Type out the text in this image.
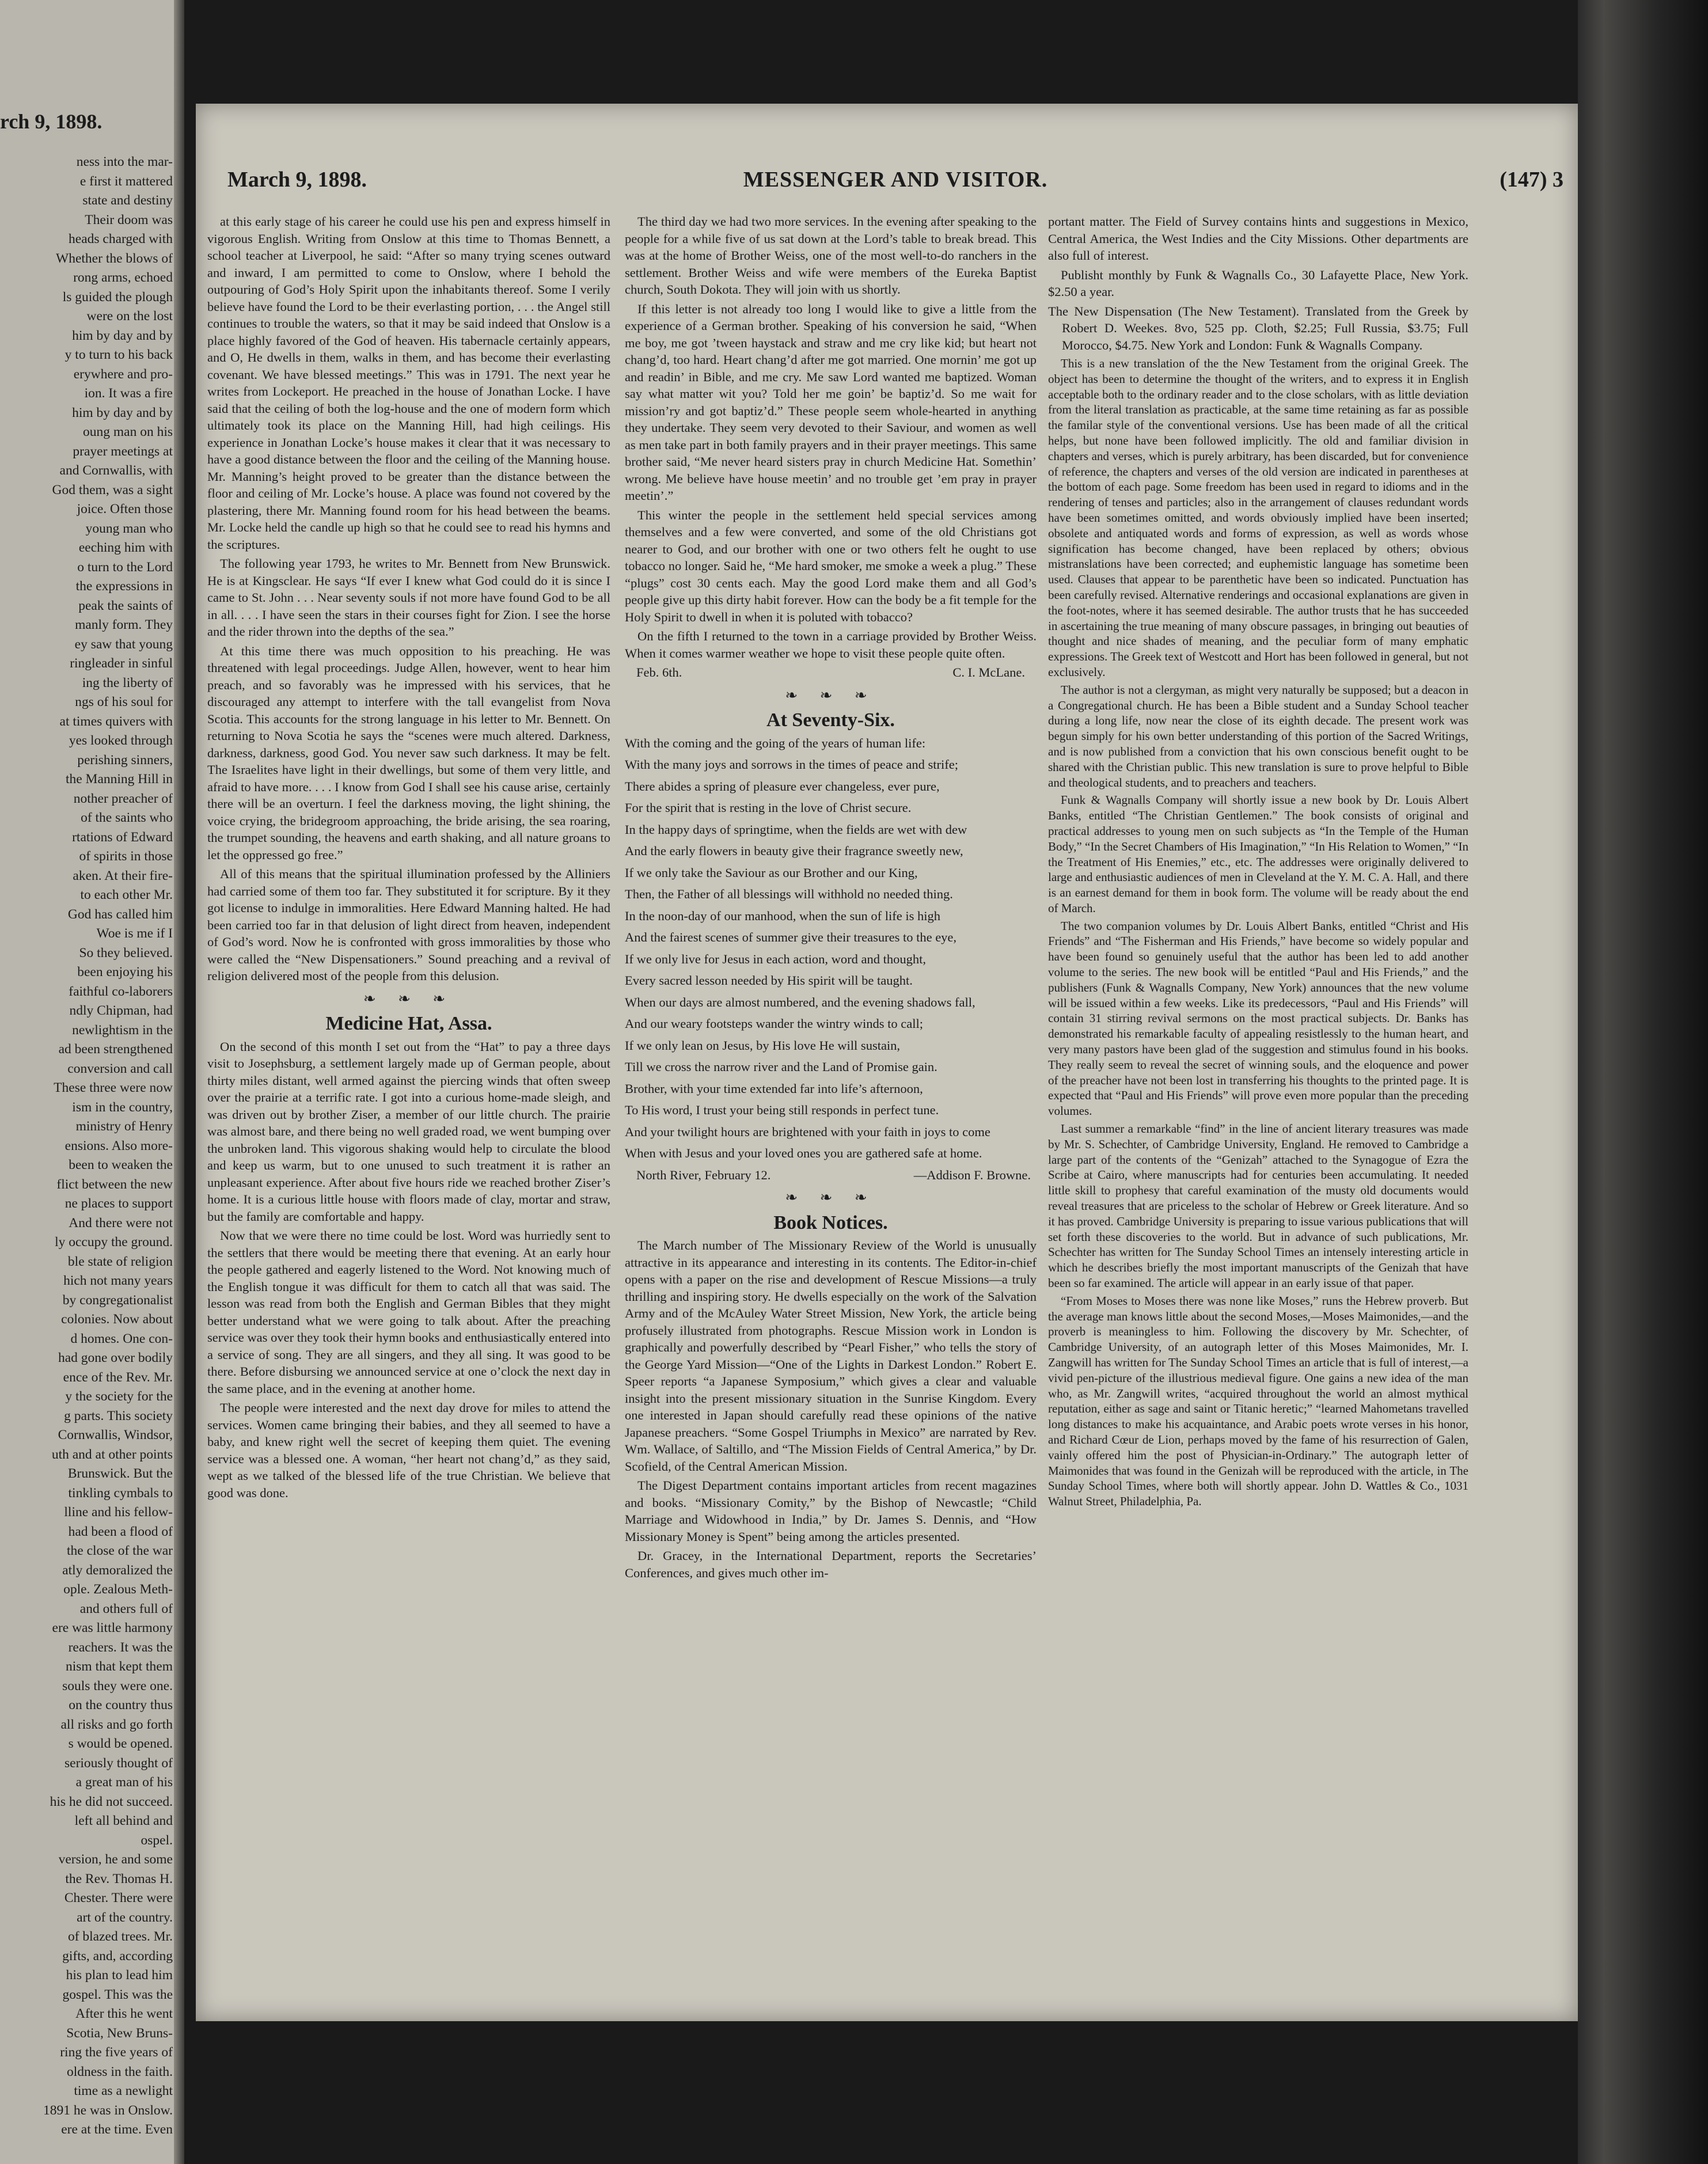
rch 9, 1898.

ness into the mar-

e first it mattered

state and destiny

Their doom was

heads charged with

Whether the blows of

rong arms, echoed

ls guided the plough

were on the lost

him by day and by

y to turn to his back

erywhere and pro-

ion. It was a fire

him by day and by

oung man on his

prayer meetings at

and Cornwallis, with

God them, was a sight

joice. Often those

young man who

eeching him with

o turn to the Lord

the expressions in

peak the saints of

manly form. They

ey saw that young

ringleader in sinful

ing the liberty of

ngs of his soul for

at times quivers with

yes looked through

perishing sinners,

the Manning Hill in

nother preacher of

of the saints who

rtations of Edward

of spirits in those

aken. At their fire-

to each other Mr.

God has called him

Woe is me if I

So they believed.

been enjoying his

faithful co-laborers

ndly Chipman, had

newlightism in the

ad been strengthened

conversion and call

These three were now

ism in the country,

ministry of Henry

ensions. Also more-

been to weaken the

flict between the new

ne places to support

And there were not

ly occupy the ground.

ble state of religion

hich not many years

by congregationalist

colonies. Now about

d homes. One con-

had gone over bodily

ence of the Rev. Mr.

y the society for the

g parts. This society

Cornwallis, Windsor,

uth and at other points

Brunswick. But the

tinkling cymbals to

lline and his fellow-

had been a flood of

the close of the war

atly demoralized the

ople. Zealous Meth-

and others full of

ere was little harmony

reachers. It was the

nism that kept them

souls they were one.

on the country thus

all risks and go forth

s would be opened.

seriously thought of

a great man of his

his he did not succeed.

left all behind and

ospel.

version, he and some

the Rev. Thomas H.

Chester. There were

art of the country.

of blazed trees. Mr.

gifts, and, according

his plan to lead him

gospel. This was the

After this he went

Scotia, New Bruns-

ring the five years of

oldness in the faith.

time as a newlight

1891 he was in Onslow.

ere at the time. Even

March 9, 1898.	MESSENGER AND VISITOR.	(147) 3

at this early stage of his career he could use his pen and express himself in vigorous English. Writing from Onslow at this time to Thomas Bennett, a school teacher at Liverpool, he said: “After so many trying scenes outward and inward, I am permitted to come to Onslow, where I behold the outpouring of God’s Holy Spirit upon the inhabitants thereof. Some I verily believe have found the Lord to be their everlasting portion, . . . the Angel still continues to trouble the waters, so that it may be said indeed that Onslow is a place highly favored of the God of heaven. His tabernacle certainly appears, and O, He dwells in them, walks in them, and has become their everlasting covenant. We have blessed meetings.” This was in 1791. The next year he writes from Lockeport. He preached in the house of Jonathan Locke. I have said that the ceiling of both the log-house and the one of modern form which ultimately took its place on the Manning Hill, had high ceilings. His experience in Jonathan Locke’s house makes it clear that it was necessary to have a good distance between the floor and the ceiling of the Manning house. Mr. Manning’s height proved to be greater than the distance between the floor and ceiling of Mr. Locke’s house. A place was found not covered by the plastering, there Mr. Manning found room for his head between the beams. Mr. Locke held the candle up high so that he could see to read his hymns and the scriptures.

The following year 1793, he writes to Mr. Bennett from New Brunswick. He is at Kingsclear. He says “If ever I knew what God could do it is since I came to St. John . . . Near seventy souls if not more have found God to be all in all. . . . I have seen the stars in their courses fight for Zion. I see the horse and the rider thrown into the depths of the sea.”

At this time there was much opposition to his preaching. He was threatened with legal proceedings. Judge Allen, however, went to hear him preach, and so favorably was he impressed with his services, that he discouraged any attempt to interfere with the tall evangelist from Nova Scotia. This accounts for the strong language in his letter to Mr. Bennett. On returning to Nova Scotia he says the “scenes were much altered. Darkness, darkness, darkness, good God. You never saw such darkness. It may be felt. The Israelites have light in their dwellings, but some of them very little, and afraid to have more. . . . I know from God I shall see his cause arise, certainly there will be an overturn. I feel the darkness moving, the light shining, the voice crying, the bridegroom approaching, the bride arising, the sea roaring, the trumpet sounding, the heavens and earth shaking, and all nature groans to let the oppressed go free.”

All of this means that the spiritual illumination professed by the Alliniers had carried some of them too far. They substituted it for scripture. By it they got license to indulge in immoralities. Here Edward Manning halted. He had been carried too far in that delusion of light direct from heaven, independent of God’s word. Now he is confronted with gross immoralities by those who were called the “New Dispensationers.” Sound preaching and a revival of religion delivered most of the people from this delusion.

❧ ❧ ❧
Medicine Hat, Assa.

On the second of this month I set out from the “Hat” to pay a three days visit to Josephsburg, a settlement largely made up of German people, about thirty miles distant, well armed against the piercing winds that often sweep over the prairie at a terrific rate. I got into a curious home-made sleigh, and was driven out by brother Ziser, a member of our little church. The prairie was almost bare, and there being no well graded road, we went bumping over the unbroken land. This vigorous shaking would help to circulate the blood and keep us warm, but to one unused to such treatment it is rather an unpleasant experience. After about five hours ride we reached brother Ziser’s home. It is a curious little house with floors made of clay, mortar and straw, but the family are comfortable and happy.

Now that we were there no time could be lost. Word was hurriedly sent to the settlers that there would be meeting there that evening. At an early hour the people gathered and eagerly listened to the Word. Not knowing much of the English tongue it was difficult for them to catch all that was said. The lesson was read from both the English and German Bibles that they might better understand what we were going to talk about. After the preaching service was over they took their hymn books and enthusiastically entered into a service of song. They are all singers, and they all sing. It was good to be there. Before disbursing we announced service at one o’clock the next day in the same place, and in the evening at another home.

The people were interested and the next day drove for miles to attend the services. Women came bringing their babies, and they all seemed to have a baby, and knew right well the secret of keeping them quiet. The evening service was a blessed one. A woman, “her heart not chang’d,” as they said, wept as we talked of the blessed life of the true Christian. We believe that good was done.

The third day we had two more services. In the evening after speaking to the people for a while five of us sat down at the Lord’s table to break bread. This was at the home of Brother Weiss, one of the most well-to-do ranchers in the settlement. Brother Weiss and wife were members of the Eureka Baptist church, South Dokota. They will join with us shortly.

If this letter is not already too long I would like to give a little from the experience of a German brother. Speaking of his conversion he said, “When me boy, me got ’tween haystack and straw and me cry like kid; but heart not chang’d, too hard. Heart chang’d after me got married. One mornin’ me got up and readin’ in Bible, and me cry. Me saw Lord wanted me baptized. Woman say what matter wit you? Told her me goin’ be baptiz’d. So me wait for mission’ry and got baptiz’d.” These people seem whole-hearted in anything they undertake. They seem very devoted to their Saviour, and women as well as men take part in both family prayers and in their prayer meetings. This same brother said, “Me never heard sisters pray in church Medicine Hat. Somethin’ wrong. Me believe have house meetin’ and no trouble get ’em pray in prayer meetin’.”

This winter the people in the settlement held special services among themselves and a few were converted, and some of the old Christians got nearer to God, and our brother with one or two others felt he ought to use tobacco no longer. Said he, “Me hard smoker, me smoke a week a plug.” These “plugs” cost 30 cents each. May the good Lord make them and all God’s people give up this dirty habit forever. How can the body be a fit temple for the Holy Spirit to dwell in when it is poluted with tobacco?

On the fifth I returned to the town in a carriage provided by Brother Weiss. When it comes warmer weather we hope to visit these people quite often.

Feb. 6th.	C. I. McLane.
❧ ❧ ❧
At Seventy-Six.

With the coming and the going of the years of human life:

With the many joys and sorrows in the times of peace and strife;

There abides a spring of pleasure ever changeless, ever pure,

For the spirit that is resting in the love of Christ secure.

In the happy days of springtime, when the fields are wet with dew

And the early flowers in beauty give their fragrance sweetly new,

If we only take the Saviour as our Brother and our King,

Then, the Father of all blessings will withhold no needed thing.

In the noon-day of our manhood, when the sun of life is high

And the fairest scenes of summer give their treasures to the eye,

If we only live for Jesus in each action, word and thought,

Every sacred lesson needed by His spirit will be taught.

When our days are almost numbered, and the evening shadows fall,

And our weary footsteps wander the wintry winds to call;

If we only lean on Jesus, by His love He will sustain,

Till we cross the narrow river and the Land of Promise gain.

Brother, with your time extended far into life’s afternoon,

To His word, I trust your being still responds in perfect tune.

And your twilight hours are brightened with your faith in joys to come

When with Jesus and your loved ones you are gathered safe at home.

North River, February 12.	—Addison F. Browne.
❧ ❧ ❧
Book Notices.

The March number of The Missionary Review of the World is unusually attractive in its appearance and interesting in its contents. The Editor-in-chief opens with a paper on the rise and development of Rescue Missions—a truly thrilling and inspiring story. He dwells especially on the work of the Salvation Army and of the McAuley Water Street Mission, New York, the article being profusely illustrated from photographs. Rescue Mission work in London is graphically and powerfully described by “Pearl Fisher,” who tells the story of the George Yard Mission—“One of the Lights in Darkest London.” Robert E. Speer reports “a Japanese Symposium,” which gives a clear and valuable insight into the present missionary situation in the Sunrise Kingdom. Every one interested in Japan should carefully read these opinions of the native Japanese preachers. “Some Gospel Triumphs in Mexico” are narrated by Rev. Wm. Wallace, of Saltillo, and “The Mission Fields of Central America,” by Dr. Scofield, of the Central American Mission.

The Digest Department contains important articles from recent magazines and books. “Missionary Comity,” by the Bishop of Newcastle; “Child Marriage and Widowhood in India,” by Dr. James S. Dennis, and “How Missionary Money is Spent” being among the articles presented.

Dr. Gracey, in the International Department, reports the Secretaries’ Conferences, and gives much other im-

portant matter. The Field of Survey contains hints and suggestions in Mexico, Central America, the West Indies and the City Missions. Other departments are also full of interest.

Publisht monthly by Funk & Wagnalls Co., 30 Lafayette Place, New York. $2.50 a year.

The New Dispensation (The New Testament). Translated from the Greek by Robert D. Weekes. 8vo, 525 pp. Cloth, $2.25; Full Russia, $3.75; Full Morocco, $4.75. New York and London: Funk & Wagnalls Company.

This is a new translation of the the New Testament from the original Greek. The object has been to determine the thought of the writers, and to express it in English acceptable both to the ordinary reader and to the close scholars, with as little deviation from the literal translation as practicable, at the same time retaining as far as possible the familar style of the conventional versions. Use has been made of all the critical helps, but none have been followed implicitly. The old and familiar division in chapters and verses, which is purely arbitrary, has been discarded, but for convenience of reference, the chapters and verses of the old version are indicated in parentheses at the bottom of each page. Some freedom has been used in regard to idioms and in the rendering of tenses and particles; also in the arrangement of clauses redundant words have been sometimes omitted, and words obviously implied have been inserted; obsolete and antiquated words and forms of expression, as well as words whose signification has become changed, have been replaced by others; obvious mistranslations have been corrected; and euphemistic language has sometime been used. Clauses that appear to be parenthetic have been so indicated. Punctuation has been carefully revised. Alternative renderings and occasional explanations are given in the foot-notes, where it has seemed desirable. The author trusts that he has succeeded in ascertaining the true meaning of many obscure passages, in bringing out beauties of thought and nice shades of meaning, and the peculiar form of many emphatic expressions. The Greek text of Westcott and Hort has been followed in general, but not exclusively.

The author is not a clergyman, as might very naturally be supposed; but a deacon in a Congregational church. He has been a Bible student and a Sunday School teacher during a long life, now near the close of its eighth decade. The present work was begun simply for his own better understanding of this portion of the Sacred Writings, and is now published from a conviction that his own conscious benefit ought to be shared with the Christian public. This new translation is sure to prove helpful to Bible and theological students, and to preachers and teachers.

Funk & Wagnalls Company will shortly issue a new book by Dr. Louis Albert Banks, entitled “The Christian Gentlemen.” The book consists of original and practical addresses to young men on such subjects as “In the Temple of the Human Body,” “In the Secret Chambers of His Imagination,” “In His Relation to Women,” “In the Treatment of His Enemies,” etc., etc. The addresses were originally delivered to large and enthusiastic audiences of men in Cleveland at the Y. M. C. A. Hall, and there is an earnest demand for them in book form. The volume will be ready about the end of March.

The two companion volumes by Dr. Louis Albert Banks, entitled “Christ and His Friends” and “The Fisherman and His Friends,” have become so widely popular and have been found so genuinely useful that the author has been led to add another volume to the series. The new book will be entitled “Paul and His Friends,” and the publishers (Funk & Wagnalls Company, New York) announces that the new volume will be issued within a few weeks. Like its predecessors, “Paul and His Friends” will contain 31 stirring revival sermons on the most practical subjects. Dr. Banks has demonstrated his remarkable faculty of appealing resistlessly to the human heart, and very many pastors have been glad of the suggestion and stimulus found in his books. They really seem to reveal the secret of winning souls, and the eloquence and power of the preacher have not been lost in transferring his thoughts to the printed page. It is expected that “Paul and His Friends” will prove even more popular than the preceding volumes.

Last summer a remarkable “find” in the line of ancient literary treasures was made by Mr. S. Schechter, of Cambridge University, England. He removed to Cambridge a large part of the contents of the “Genizah” attached to the Synagogue of Ezra the Scribe at Cairo, where manuscripts had for centuries been accumulating. It needed little skill to prophesy that careful examination of the musty old documents would reveal treasures that are priceless to the scholar of Hebrew or Greek literature. And so it has proved. Cambridge University is preparing to issue various publications that will set forth these discoveries to the world. But in advance of such publications, Mr. Schechter has written for The Sunday School Times an intensely interesting article in which he describes briefly the most important manuscripts of the Genizah that have been so far examined. The article will appear in an early issue of that paper.

“From Moses to Moses there was none like Moses,” runs the Hebrew proverb. But the average man knows little about the second Moses,—Moses Maimonides,—and the proverb is meaningless to him. Following the discovery by Mr. Schechter, of Cambridge University, of an autograph letter of this Moses Maimonides, Mr. I. Zangwill has written for The Sunday School Times an article that is full of interest,—a vivid pen-picture of the illustrious medieval figure. One gains a new idea of the man who, as Mr. Zangwill writes, “acquired throughout the world an almost mythical reputation, either as sage and saint or Titanic heretic;” “learned Mahometans travelled long distances to make his acquaintance, and Arabic poets wrote verses in his honor, and Richard Cœur de Lion, perhaps moved by the fame of his resurrection of Galen, vainly offered him the post of Physician-in-Ordinary.” The autograph letter of Maimonides that was found in the Genizah will be reproduced with the article, in The Sunday School Times, where both will shortly appear. John D. Wattles & Co., 1031 Walnut Street, Philadelphia, Pa.
